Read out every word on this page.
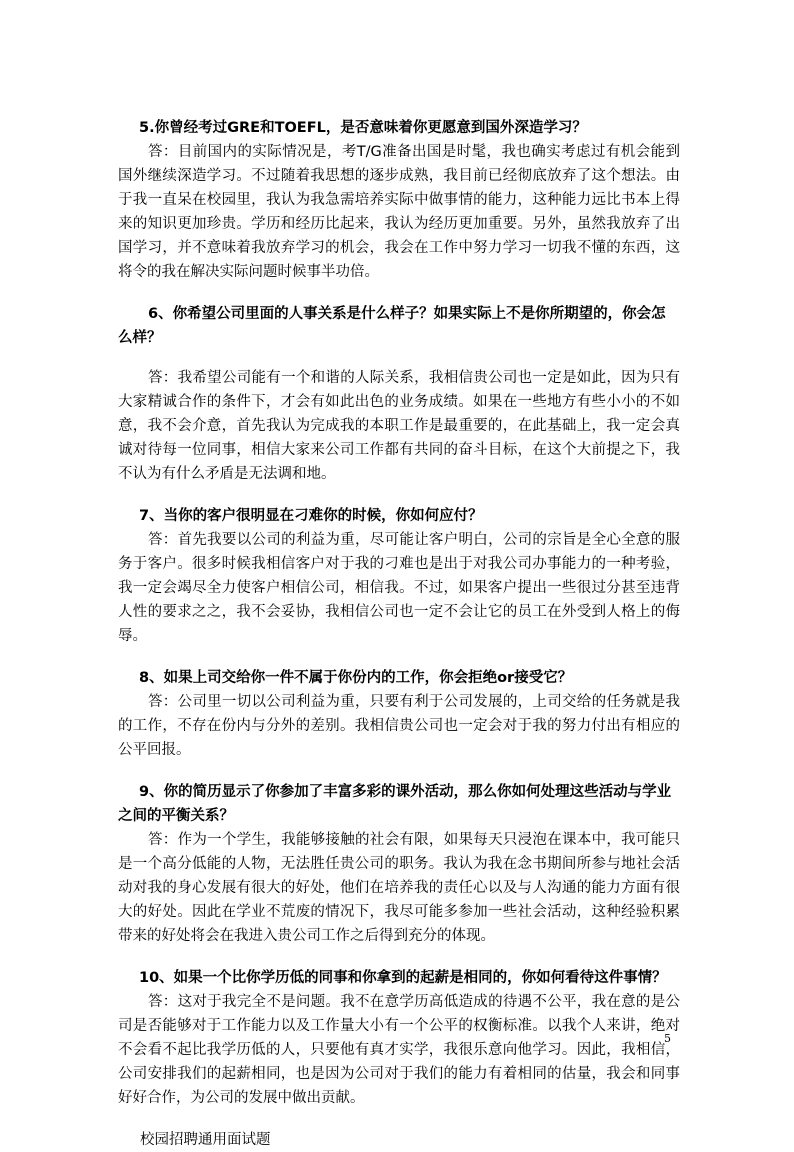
5.你曾经考过GRE和TOEFL，是否意味着你更愿意到国外深造学习？

答：目前国内的实际情况是，考T/G准备出国是时髦，我也确实考虑过有机会能到国外继续深造学习。不过随着我思想的逐步成熟，我目前已经彻底放弃了这个想法。由于我一直呆在校园里，我认为我急需培养实际中做事情的能力，这种能力远比书本上得来的知识更加珍贵。学历和经历比起来，我认为经历更加重要。另外，虽然我放弃了出国学习，并不意味着我放弃学习的机会，我会在工作中努力学习一切我不懂的东西，这将令的我在解决实际问题时候事半功倍。

6、你希望公司里面的人事关系是什么样子？如果实际上不是你所期望的，你会怎么样？

答：我希望公司能有一个和谐的人际关系，我相信贵公司也一定是如此，因为只有大家精诚合作的条件下，才会有如此出色的业务成绩。如果在一些地方有些小小的不如意，我不会介意，首先我认为完成我的本职工作是最重要的，在此基础上，我一定会真诚对待每一位同事，相信大家来公司工作都有共同的奋斗目标，在这个大前提之下，我不认为有什么矛盾是无法调和地。

7、当你的客户很明显在刁难你的时候，你如何应付？

答：首先我要以公司的利益为重，尽可能让客户明白，公司的宗旨是全心全意的服务于客户。很多时候我相信客户对于我的刁难也是出于对我公司办事能力的一种考验，我一定会竭尽全力使客户相信公司，相信我。不过，如果客户提出一些很过分甚至违背人性的要求之之，我不会妥协，我相信公司也一定不会让它的员工在外受到人格上的侮辱。

8、如果上司交给你一件不属于你份内的工作，你会拒绝or接受它？

答：公司里一切以公司利益为重，只要有利于公司发展的，上司交给的任务就是我的工作，不存在份内与分外的差别。我相信贵公司也一定会对于我的努力付出有相应的公平回报。

9、你的简历显示了你参加了丰富多彩的课外活动，那么你如何处理这些活动与学业 之间的平衡关系？

答：作为一个学生，我能够接触的社会有限，如果每天只浸泡在课本中，我可能只是一个高分低能的人物，无法胜任贵公司的职务。我认为我在念书期间所参与地社会活动对我的身心发展有很大的好处，他们在培养我的责任心以及与人沟通的能力方面有很大的好处。因此在学业不荒废的情况下，我尽可能多参加一些社会活动，这种经验积累带来的好处将会在我进入贵公司工作之后得到充分的体现。

10、如果一个比你学历低的同事和你拿到的起薪是相同的，你如何看待这件事情？

答：这对于我完全不是问题。我不在意学历高低造成的待遇不公平，我在意的是公司是否能够对于工作能力以及工作量大小有一个公平的权衡标准。以我个人来讲，绝对不会看不起比我学历低的人，只要他有真才实学，我很乐意向他学习。因此，我相信，公司安排我们的起薪相同，也是因为公司对于我们的能力有着相同的估量，我会和同事好好合作，为公司的发展中做出贡献。

校园招聘通用面试题

5
